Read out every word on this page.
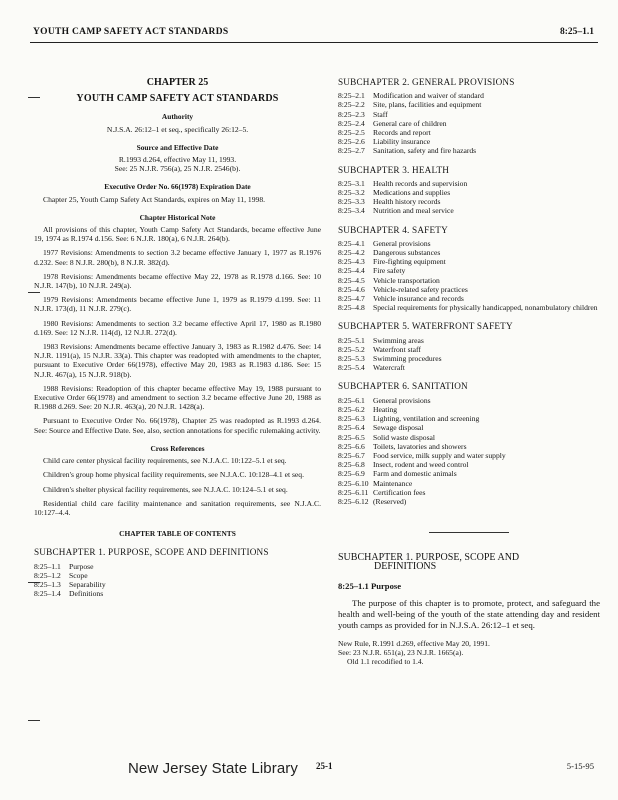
YOUTH CAMP SAFETY ACT STANDARDS	8:25–1.1
CHAPTER 25
YOUTH CAMP SAFETY ACT STANDARDS
Authority
N.J.S.A. 26:12–1 et seq., specifically 26:12–5.
Source and Effective Date
R.1993 d.264, effective May 11, 1993.
See: 25 N.J.R. 756(a), 25 N.J.R. 2546(b).
Executive Order No. 66(1978) Expiration Date

Chapter 25, Youth Camp Safety Act Standards, expires on May 11, 1998.

Chapter Historical Note

All provisions of this chapter, Youth Camp Safety Act Standards, became effective June 19, 1974 as R.1974 d.156. See: 6 N.J.R. 180(a), 6 N.J.R. 264(b).

1977 Revisions: Amendments to section 3.2 became effective January 1, 1977 as R.1976 d.232. See: 8 N.J.R. 280(b), 8 N.J.R. 382(d).

1978 Revisions: Amendments became effective May 22, 1978 as R.1978 d.166. See: 10 N.J.R. 147(b), 10 N.J.R. 249(a).

1979 Revisions: Amendments became effective June 1, 1979 as R.1979 d.199. See: 11 N.J.R. 173(d), 11 N.J.R. 279(c).

1980 Revisions: Amendments to section 3.2 became effective April 17, 1980 as R.1980 d.169. See: 12 N.J.R. 114(d), 12 N.J.R. 272(d).

1983 Revisions: Amendments became effective January 3, 1983 as R.1982 d.476. See: 14 N.J.R. 1191(a), 15 N.J.R. 33(a). This chapter was readopted with amendments to the chapter, pursuant to Executive Order 66(1978), effective May 20, 1983 as R.1983 d.186. See: 15 N.J.R. 467(a), 15 N.J.R. 918(b).

1988 Revisions: Readoption of this chapter became effective May 19, 1988 pursuant to Executive Order 66(1978) and amendment to section 3.2 became effective June 20, 1988 as R.1988 d.269. See: 20 N.J.R. 463(a), 20 N.J.R. 1428(a).

Pursuant to Executive Order No. 66(1978), Chapter 25 was readopted as R.1993 d.264. See: Source and Effective Date. See, also, section annotations for specific rulemaking activity.

Cross References

Child care center physical facility requirements, see N.J.A.C. 10:122–5.1 et seq.

Children's group home physical facility requirements, see N.J.A.C. 10:128–4.1 et seq.

Children's shelter physical facility requirements, see N.J.A.C. 10:124–5.1 et seq.

Residential child care facility maintenance and sanitation requirements, see N.J.A.C. 10:127–4.4.

CHAPTER TABLE OF CONTENTS
SUBCHAPTER 1. PURPOSE, SCOPE AND DEFINITIONS
8:25–1.1	Purpose
8:25–1.2	Scope
8:25–1.3	Separability
8:25–1.4	Definitions
SUBCHAPTER 2. GENERAL PROVISIONS
8:25–2.1	Modification and waiver of standard
8:25–2.2	Site, plans, facilities and equipment
8:25–2.3	Staff
8:25–2.4	General care of children
8:25–2.5	Records and report
8:25–2.6	Liability insurance
8:25–2.7	Sanitation, safety and fire hazards
SUBCHAPTER 3. HEALTH
8:25–3.1	Health records and supervision
8:25–3.2	Medications and supplies
8:25–3.3	Health history records
8:25–3.4	Nutrition and meal service
SUBCHAPTER 4. SAFETY
8:25–4.1	General provisions
8:25–4.2	Dangerous substances
8:25–4.3	Fire-fighting equipment
8:25–4.4	Fire safety
8:25–4.5	Vehicle transportation
8:25–4.6	Vehicle-related safety practices
8:25–4.7	Vehicle insurance and records
8:25–4.8	Special requirements for physically handicapped, nonambulatory children
SUBCHAPTER 5. WATERFRONT SAFETY
8:25–5.1	Swimming areas
8:25–5.2	Waterfront staff
8:25–5.3	Swimming procedures
8:25–5.4	Watercraft
SUBCHAPTER 6. SANITATION
8:25–6.1	General provisions
8:25–6.2	Heating
8:25–6.3	Lighting, ventilation and screening
8:25–6.4	Sewage disposal
8:25–6.5	Solid waste disposal
8:25–6.6	Toilets, lavatories and showers
8:25–6.7	Food service, milk supply and water supply
8:25–6.8	Insect, rodent and weed control
8:25–6.9	Farm and domestic animals
8:25–6.10 Maintenance
8:25–6.11 Certification fees
8:25–6.12 (Reserved)
SUBCHAPTER 1. PURPOSE, SCOPE AND
DEFINITIONS
8:25–1.1 Purpose
The purpose of this chapter is to promote, protect, and safeguard the health and well-being of the youth of the state attending day and resident youth camps as provided for in N.J.S.A. 26:12–1 et seq.
New Rule, R.1991 d.269, effective May 20, 1991.
See: 23 N.J.R. 651(a), 23 N.J.R. 1665(a).
Old 1.1 recodified to 1.4.
25-1	5-15-95
New Jersey State Library
